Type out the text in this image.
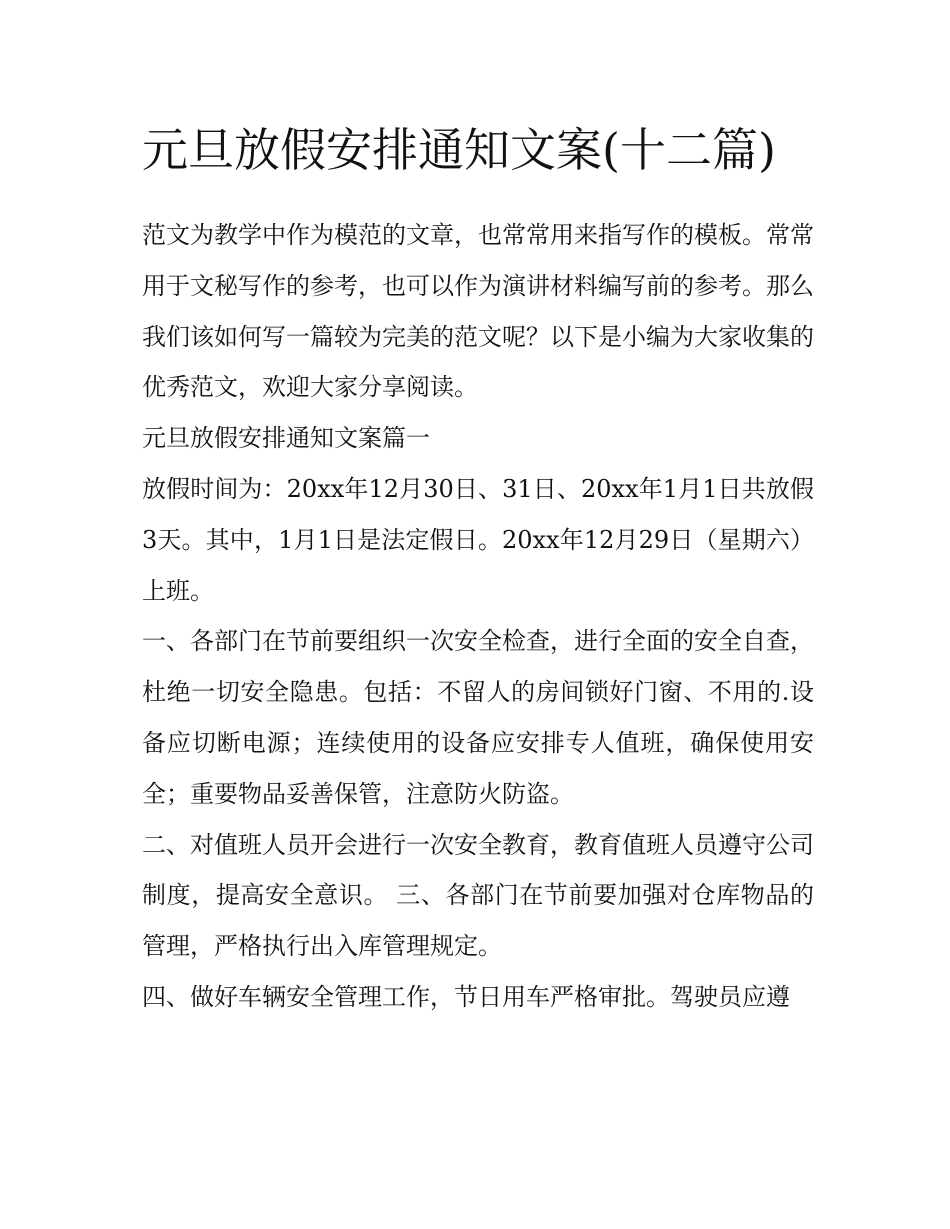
元旦放假安排通知文案(十二篇)

范文为教学中作为模范的文章，也常常用来指写作的模板。常常用于文秘写作的参考，也可以作为演讲材料编写前的参考。那么我们该如何写一篇较为完美的范文呢？以下是小编为大家收集的优秀范文，欢迎大家分享阅读。

元旦放假安排通知文案篇一

放假时间为：20xx年12月30日、31日、20xx年1月1日共放假3天。其中，1月1日是法定假日。20xx年12月29日（星期六）上班。

一、各部门在节前要组织一次安全检查，进行全面的安全自查，杜绝一切安全隐患。包括：不留人的房间锁好门窗、不用的.设备应切断电源；连续使用的设备应安排专人值班，确保使用安全；重要物品妥善保管，注意防火防盗。

二、对值班人员开会进行一次安全教育，教育值班人员遵守公司制度，提高安全意识。 三、各部门在节前要加强对仓库物品的管理，严格执行出入库管理规定。

四、做好车辆安全管理工作，节日用车严格审批。驾驶员应遵
